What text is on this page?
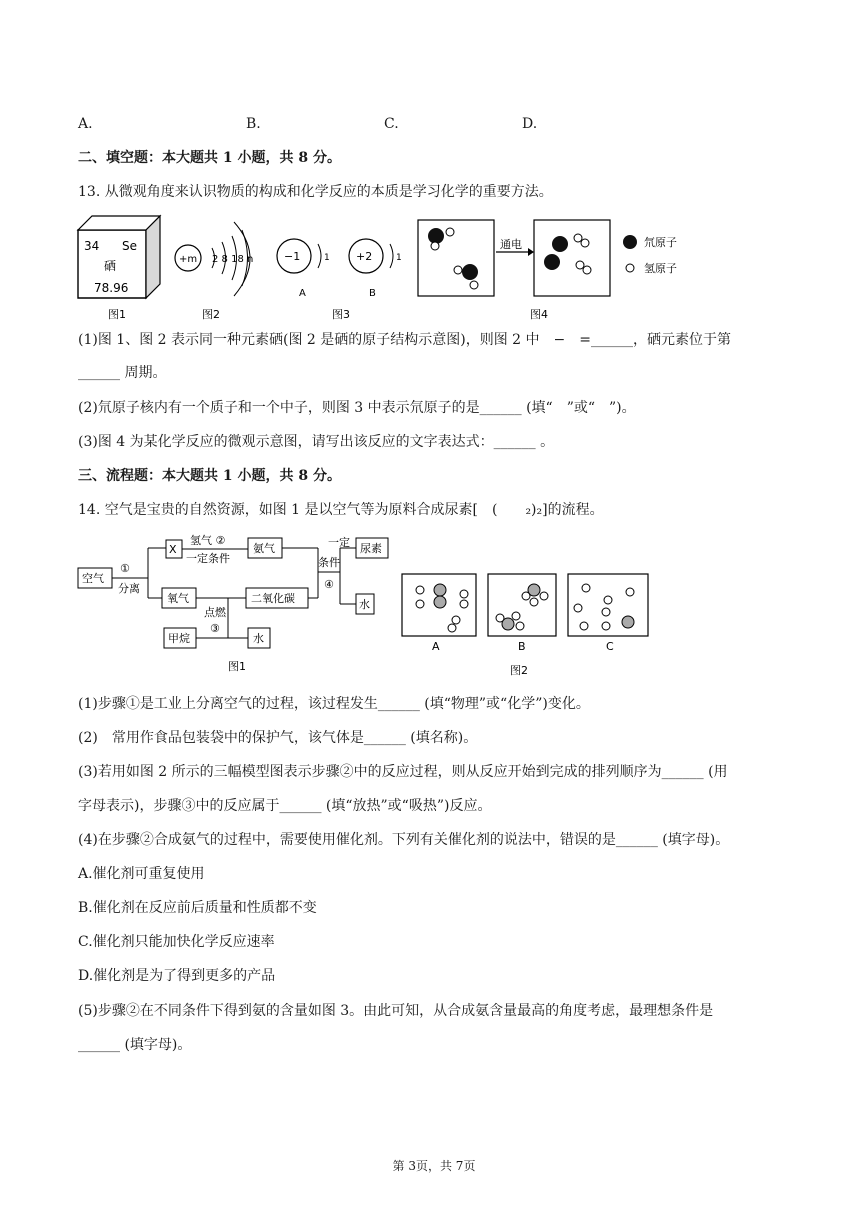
A.	B.	C.	D.
二、填空题：本大题共 1 小题，共 8 分。
13. 从微观角度来认识物质的构成和化学反应的本质是学习化学的重要方法。
34 Se
硒
78.96
图1
+m 2 8 18 n
图2
−1	1
A
+2	1
B
图3
通电	氘原子
氢原子
图4
(1)图 1、图 2 表示同一种元素硒(图 2 是硒的原子结构示意图)，则图 2 中　−　=______，硒元素位于第
______ 周期。
(2)氘原子核内有一个质子和一个中子，则图 3 中表示氘原子的是______ (填“　”或“　”)。
(3)图 4 为某化学反应的微观示意图，请写出该反应的文字表达式：______ 。
三、流程题：本大题共 1 小题，共 8 分。
14. 空气是宝贵的自然资源，如图 1 是以空气等为原料合成尿素[　(　　₂)₂]的流程。
空气
①
分离
X
氢气 ②
一定条件
氨气
氧气
点燃
③
二氧化碳
甲烷	水
一定
条件
④
尿素
水
图1
A	B	C
图2
(1)步骤①是工业上分离空气的过程，该过程发生______ (填“物理”或“化学”)变化。
(2)　常用作食品包装袋中的保护气，该气体是______ (填名称)。
(3)若用如图 2 所示的三幅模型图表示步骤②中的反应过程，则从反应开始到完成的排列顺序为______ (用
字母表示)，步骤③中的反应属于______ (填“放热”或“吸热”)反应。
(4)在步骤②合成氨气的过程中，需要使用催化剂。下列有关催化剂的说法中，错误的是______ (填字母)。
A.催化剂可重复使用
B.催化剂在反应前后质量和性质都不变
C.催化剂只能加快化学反应速率
D.催化剂是为了得到更多的产品
(5)步骤②在不同条件下得到氨的含量如图 3。由此可知，从合成氨含量最高的角度考虑，最理想条件是
______ (填字母)。
第 3页，共 7页
